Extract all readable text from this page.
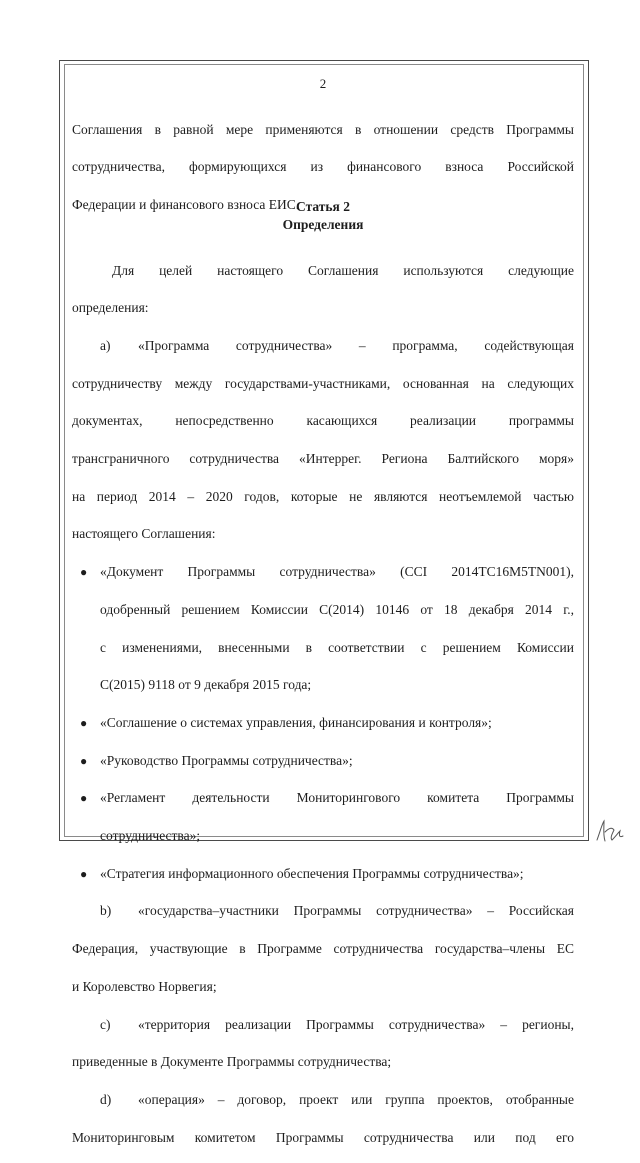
2

Соглашения в равной мере применяются в отношении средств Программы

сотрудничества, формирующихся из финансового взноса Российской

Федерации и финансового взноса ЕИС.

Статья 2

Определения

Для целей настоящего Соглашения используются следующие

определения:

а)	«Программа сотрудничества» – программа, содействующая

сотрудничеству между государствами-участниками, основанная на следующих

документах, непосредственно касающихся реализации программы

трансграничного сотрудничества «Интеррег. Региона Балтийского моря»

на период 2014 – 2020 годов, которые не являются неотъемлемой частью

настоящего Соглашения:

● «Документ Программы сотрудничества» (CCI 2014TC16M5TN001),

одобренный решением Комиссии C(2014) 10146 от 18 декабря 2014 г.,

с изменениями, внесенными в соответствии с решением Комиссии

C(2015) 9118 от 9 декабря 2015 года;

● «Соглашение о системах управления, финансирования и контроля»;

● «Руководство Программы сотрудничества»;

● «Регламент деятельности Мониторингового комитета Программы

сотрудничества»;

● «Стратегия информационного обеспечения Программы сотрудничества»;

b)	«государства–участники Программы сотрудничества» – Российская

Федерация, участвующие в Программе сотрудничества государства–члены ЕС

и Королевство Норвегия;

c)	«территория реализации Программы сотрудничества» – регионы,

приведенные в Документе Программы сотрудничества;

d)	«операция» – договор, проект или группа проектов, отобранные

Мониторинговым комитетом Программы сотрудничества или под его
